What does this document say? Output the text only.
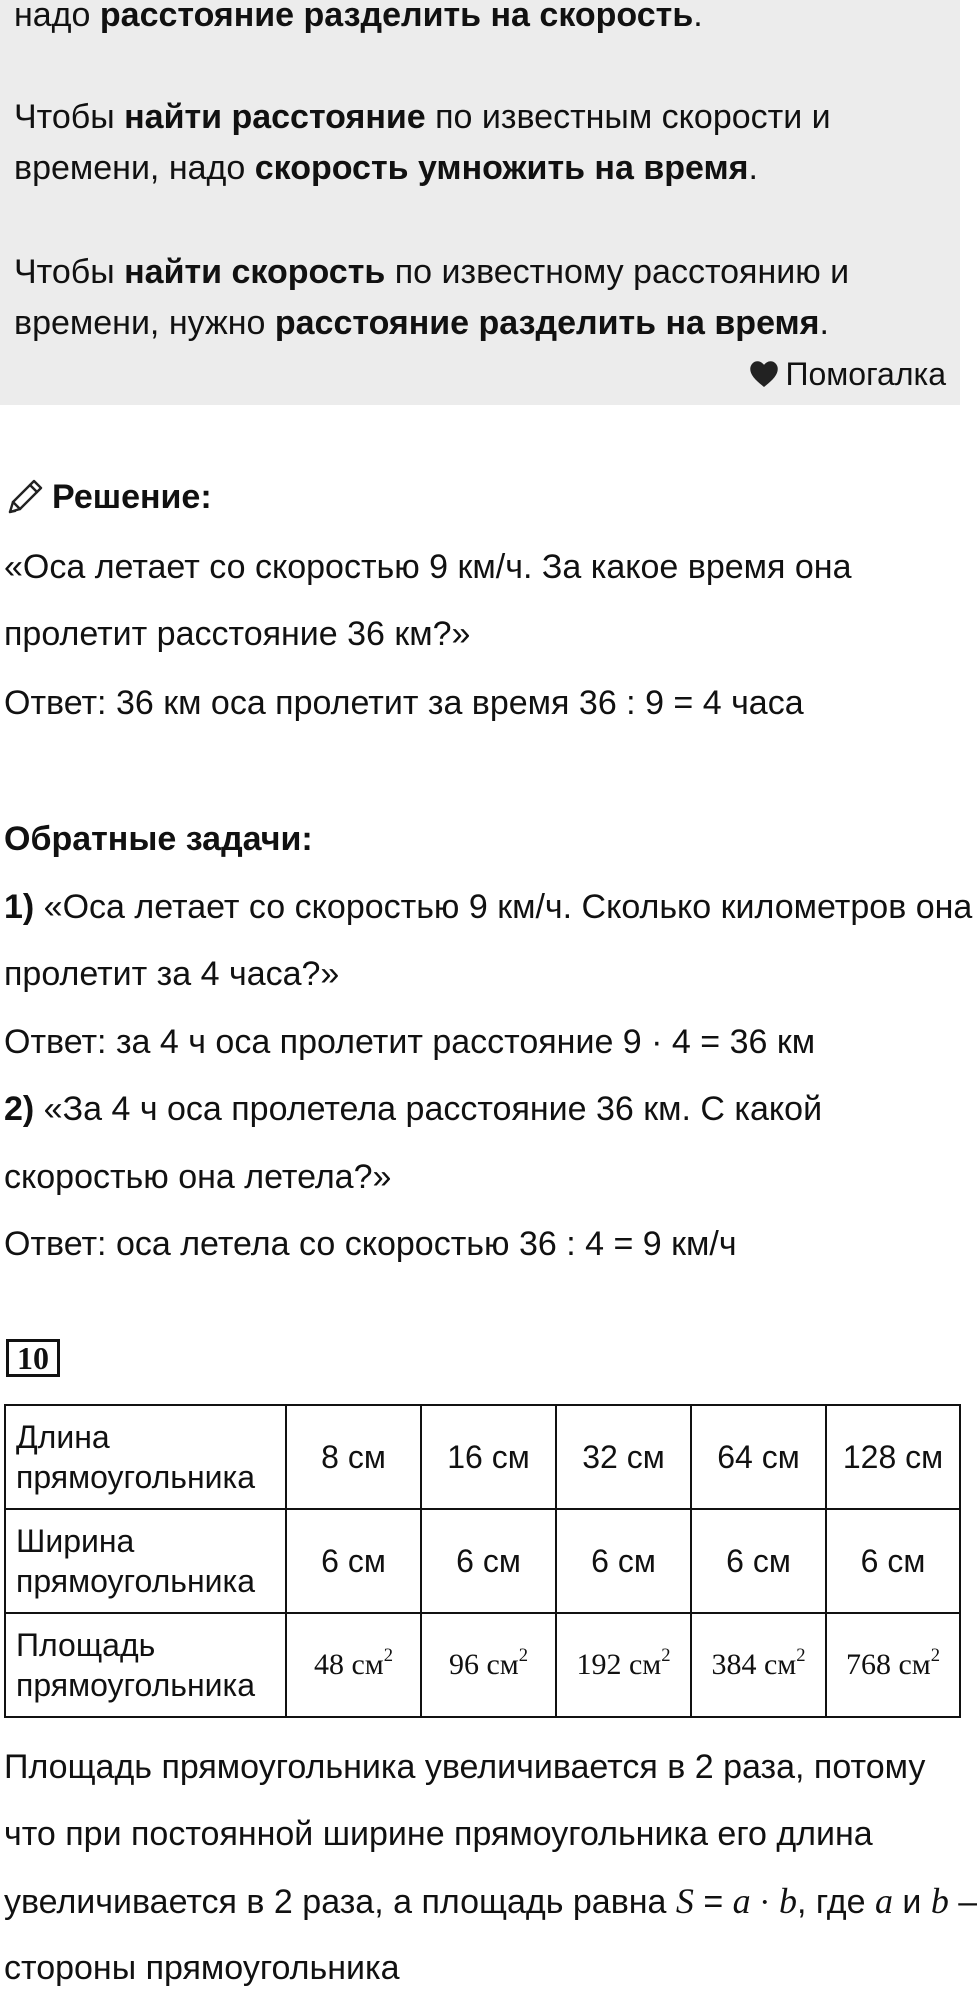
надо расстояние разделить на скорость.
Чтобы найти расстояние по известным скорости и
времени, надо скорость умножить на время.
Чтобы найти скорость по известному расстоянию и
времени, нужно расстояние разделить на время.
Помогалка
Решение:
«Оса летает со скоростью 9 км/ч. За какое время она
пролетит расстояние 36 км?»
Ответ: 36 км оса пролетит за время 36 : 9 = 4 часа
Обратные задачи:
1) «Оса летает со скоростью 9 км/ч. Сколько километров она
пролетит за 4 часа?»
Ответ: за 4 ч оса пролетит расстояние 9 · 4 = 36 км
2) «За 4 ч оса пролетела расстояние 36 км. С какой
скоростью она летела?»
Ответ: оса летела со скоростью 36 : 4 = 9 км/ч
10
Длина
прямоугольника	8 см	16 см	32 см	64 см	128 см
Ширина
прямоугольника	6 см	6 см	6 см	6 см	6 см
Площадь
прямоугольника	48 $см^2$	96 $см^2$	192 $см^2$	384 $см^2$	768 $см^2$
Площадь прямоугольника увеличивается в 2 раза, потому
что при постоянной ширине прямоугольника его длина
увеличивается в 2 раза, а площадь равна S = a · b, где a и b –
стороны прямоугольника
